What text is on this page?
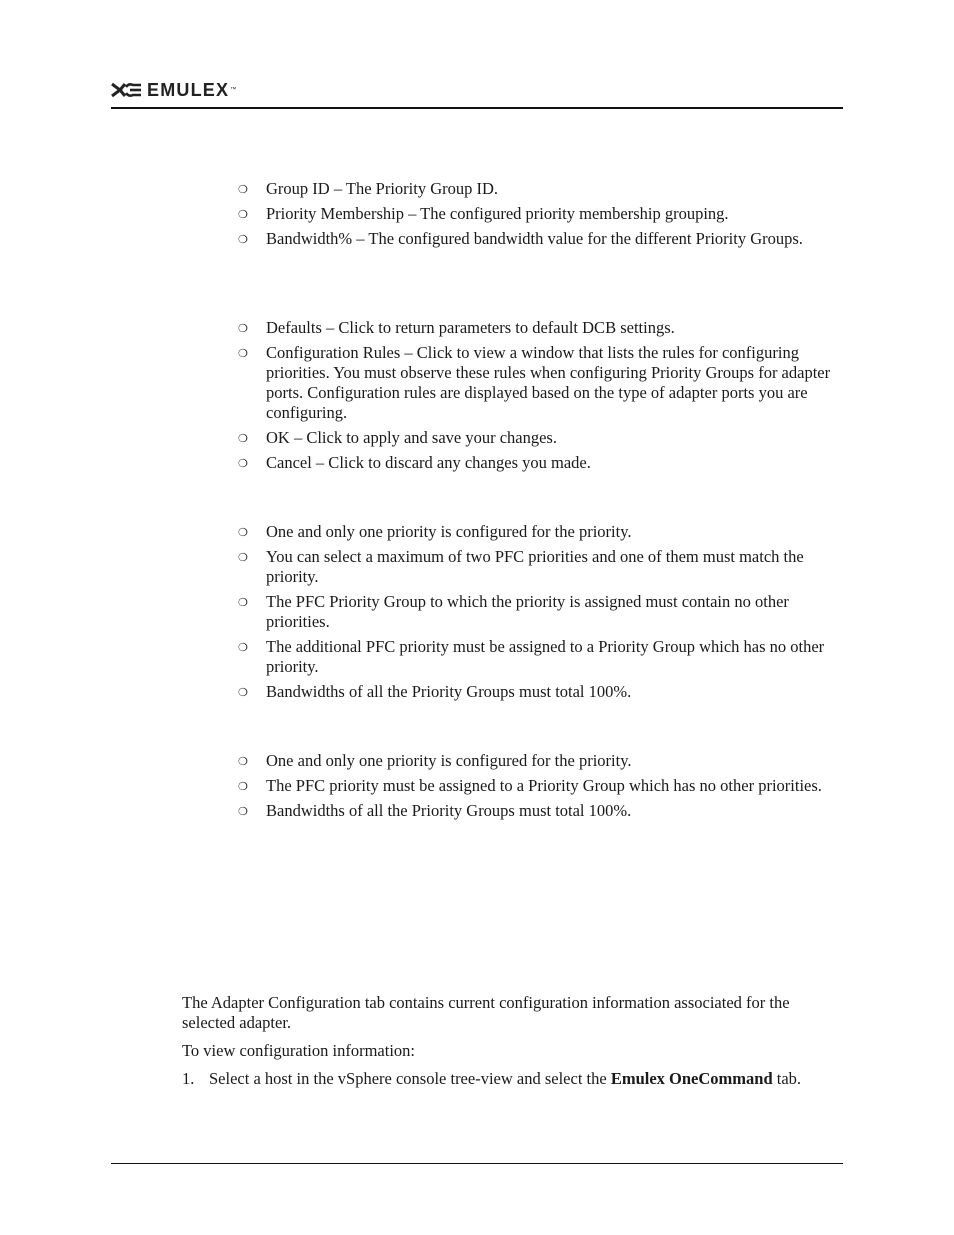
EMULEX ™
❍ Group ID – The Priority Group ID.
❍ Priority Membership – The configured priority membership grouping.
❍ Bandwidth% – The configured bandwidth value for the different Priority Groups.
❍ Defaults – Click to return parameters to default DCB settings.
❍ Configuration Rules – Click to view a window that lists the rules for configuring priorities. You must observe these rules when configuring Priority Groups for adapter ports. Configuration rules are displayed based on the type of adapter ports you are configuring.
❍ OK – Click to apply and save your changes.
❍ Cancel – Click to discard any changes you made.
❍ One and only one priority is configured for the priority.
❍ You can select a maximum of two PFC priorities and one of them must match the priority.
❍ The PFC Priority Group to which the priority is assigned must contain no other priorities.
❍ The additional PFC priority must be assigned to a Priority Group which has no other priority.
❍ Bandwidths of all the Priority Groups must total 100%.
❍ One and only one priority is configured for the priority.
❍ The PFC priority must be assigned to a Priority Group which has no other priorities.
❍ Bandwidths of all the Priority Groups must total 100%.

The Adapter Configuration tab contains current configuration information associated for the selected adapter.

To view configuration information:

1. Select a host in the vSphere console tree-view and select the Emulex OneCommand tab.
